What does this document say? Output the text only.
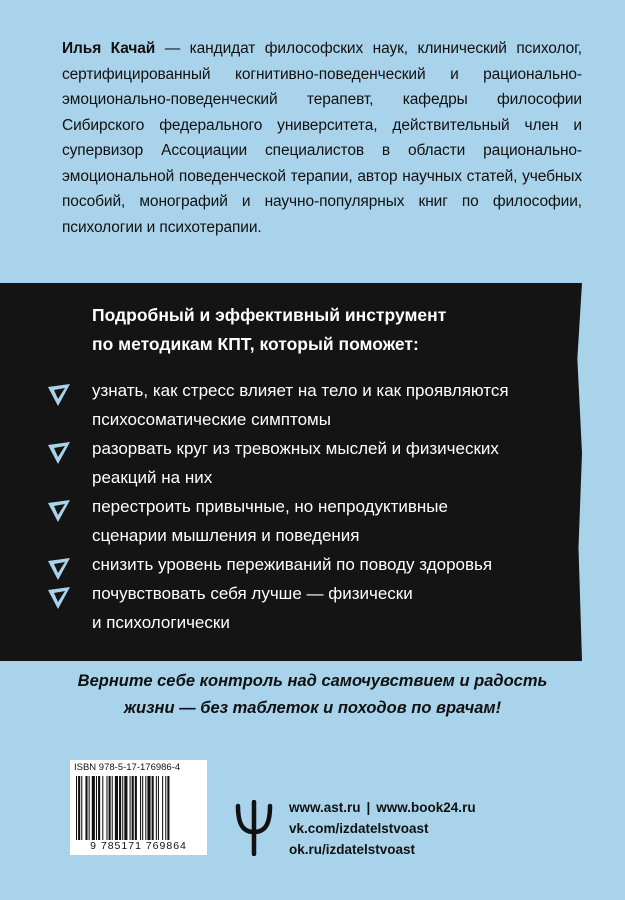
Илья Качай — кандидат философских наук, клинический психолог, сертифицированный когнитивно-поведенческий и рационально-эмоционально-поведенческий терапевт, кафедры философии Сибирского федерального университета, действительный член и супервизор Ассоциации специалистов в области рационально-эмоциональной поведенческой терапии, автор научных статей, учебных пособий, монографий и научно-популярных книг по философии, психологии и психотерапии.
Подробный и эффективный инструмент
по методикам КПТ, который поможет:
узнать, как стресс влияет на тело и как проявляются
психосоматические симптомы
разорвать круг из тревожных мыслей и физических
реакций на них
перестроить привычные, но непродуктивные
сценарии мышления и поведения
снизить уровень переживаний по поводу здоровья
почувствовать себя лучше — физически
и психологически
Верните себе контроль над самочувствием и радость
жизни — без таблеток и походов по врачам!
ISBN 978-5-17-176986-4
9 785171 769864
www.ast.ru | www.book24.ru
vk.com/izdatelstvoast
ok.ru/izdatelstvoast
